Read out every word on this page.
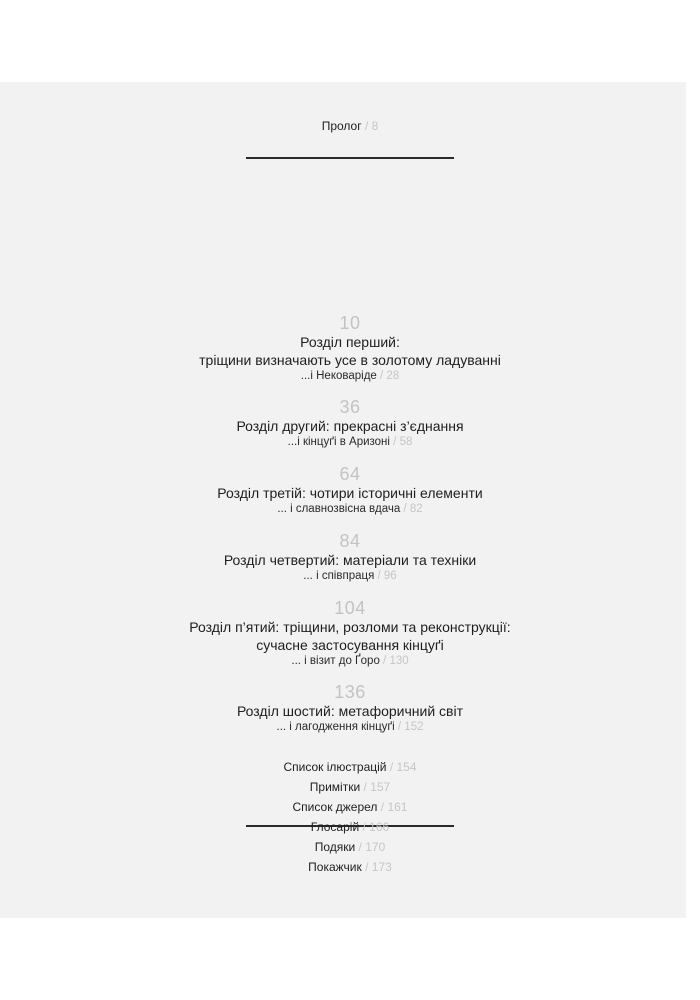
Пролог / 8
10
Розділ перший:
тріщини визначають усе в золотому ладуванні
...і Нековаріде / 28
36
Розділ другий: прекрасні з’єднання
...і кінцуґі в Аризоні / 58
64
Розділ третій: чотири історичні елементи
... і славнозвісна вдача / 82
84
Розділ четвертий: матеріали та техніки
... і співпраця / 96
104
Розділ п’ятий: тріщини, розломи та реконструкції:
сучасне застосування кінцуґі
... і візит до Ґоро / 130
136
Розділ шостий: метафоричний світ
... і лагодження кінцуґі / 152
Список ілюстрацій / 154
Примітки / 157
Список джерел / 161
Глосарій / 166
Подяки / 170
Покажчик / 173
